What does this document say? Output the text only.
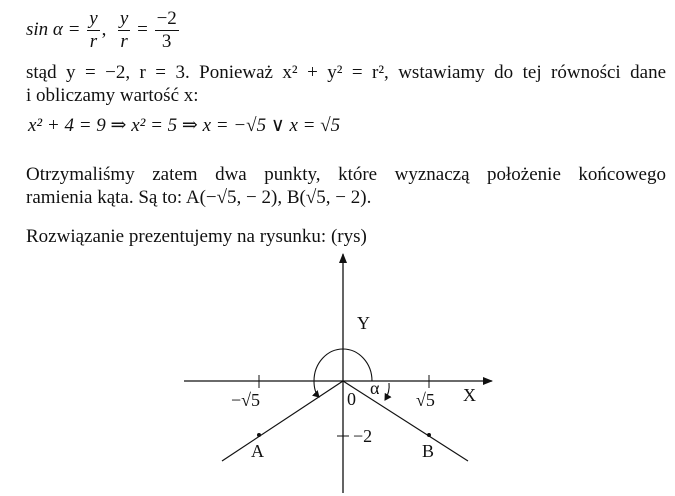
$\sin \alpha = \frac{y}{r}$ , $\frac{y}{r} = \frac{-2}{3}$
stąd y = −2, r = 3. Ponieważ x² + y² = r², wstawiamy do tej równości dane
i obliczamy wartość x:
x² + 4 = 9 ⇒ x² = 5 ⇒ x = −√5 ∨ x = √5
Otrzymaliśmy zatem dwa punkty, które wyznaczą położenie końcowego
ramienia kąta. Są to: A(−√5, − 2), B(√5, − 2).
Rozwiązanie prezentujemy na rysunku: (rys)
Y
X
0
−√5	√5
−2
α
A	B
